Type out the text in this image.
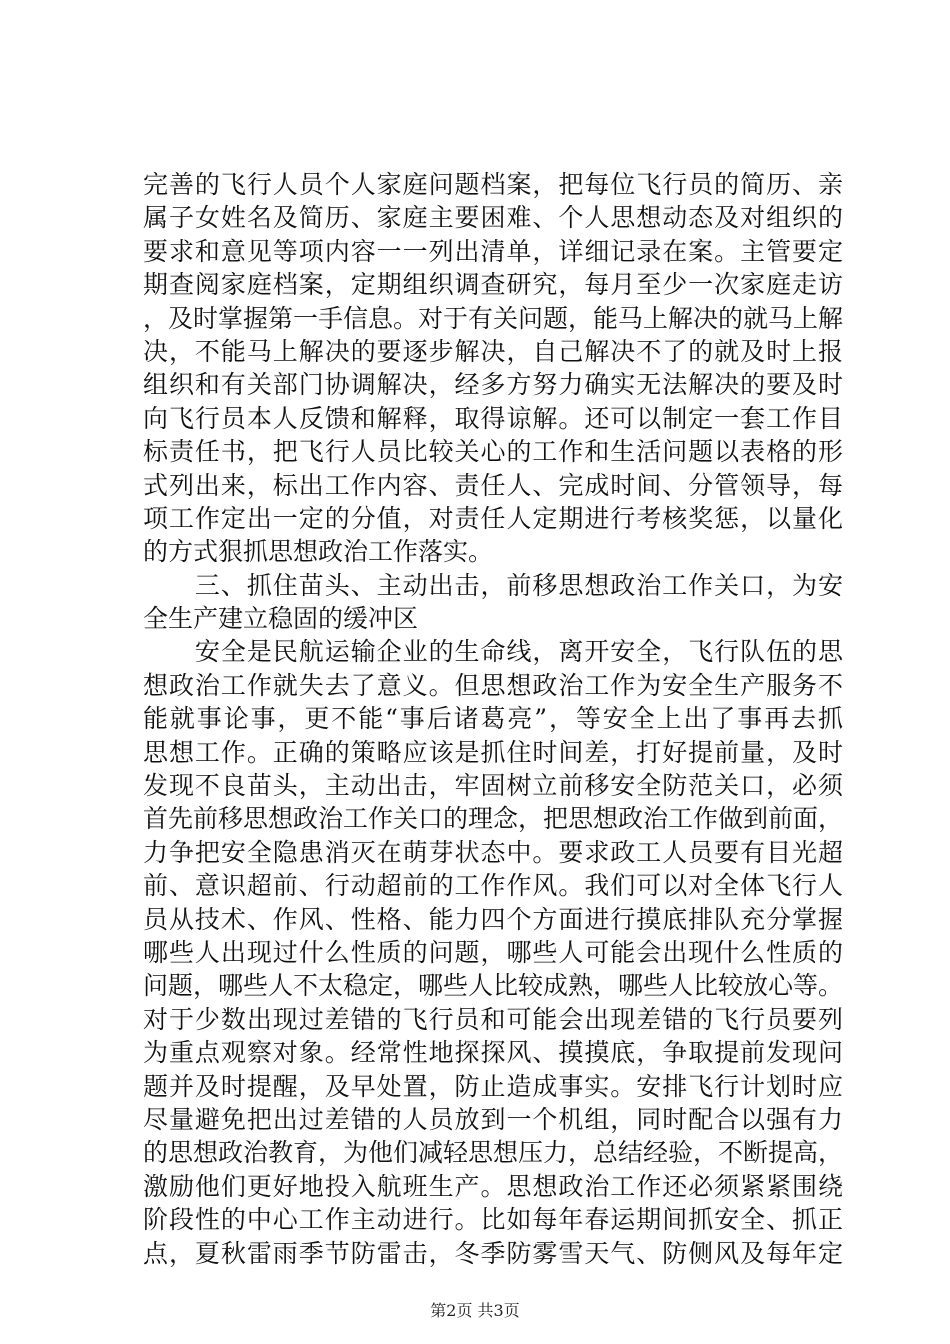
完善的飞行人员个人家庭问题档案，把每位飞行员的简历、亲
属子女姓名及简历、家庭主要困难、个人思想动态及对组织的
要求和意见等项内容一一列出清单，详细记录在案。主管要定
期查阅家庭档案，定期组织调查研究，每月至少一次家庭走访
，及时掌握第一手信息。对于有关问题，能马上解决的就马上解
决，不能马上解决的要逐步解决，自己解决不了的就及时上报
组织和有关部门协调解决，经多方努力确实无法解决的要及时
向飞行员本人反馈和解释，取得谅解。还可以制定一套工作目
标责任书，把飞行人员比较关心的工作和生活问题以表格的形
式列出来，标出工作内容、责任人、完成时间、分管领导，每
项工作定出一定的分值，对责任人定期进行考核奖惩，以量化
的方式狠抓思想政治工作落实。
　　三、抓住苗头、主动出击，前移思想政治工作关口，为安
全生产建立稳固的缓冲区
　　安全是民航运输企业的生命线，离开安全，飞行队伍的思
想政治工作就失去了意义。但思想政治工作为安全生产服务不
能就事论事，更不能“事后诸葛亮”，等安全上出了事再去抓
思想工作。正确的策略应该是抓住时间差，打好提前量，及时
发现不良苗头，主动出击，牢固树立前移安全防范关口，必须
首先前移思想政治工作关口的理念，把思想政治工作做到前面，
力争把安全隐患消灭在萌芽状态中。要求政工人员要有目光超
前、意识超前、行动超前的工作作风。我们可以对全体飞行人
员从技术、作风、性格、能力四个方面进行摸底排队充分掌握
哪些人出现过什么性质的问题，哪些人可能会出现什么性质的
问题，哪些人不太稳定，哪些人比较成熟，哪些人比较放心等。
对于少数出现过差错的飞行员和可能会出现差错的飞行员要列
为重点观察对象。经常性地探探风、摸摸底，争取提前发现问
题并及时提醒，及早处置，防止造成事实。安排飞行计划时应
尽量避免把出过差错的人员放到一个机组，同时配合以强有力
的思想政治教育，为他们减轻思想压力，总结经验，不断提高，
激励他们更好地投入航班生产。思想政治工作还必须紧紧围绕
阶段性的中心工作主动进行。比如每年春运期间抓安全、抓正
点，夏秋雷雨季节防雷击，冬季防雾雪天气、防侧风及每年定
第2页 共3页
